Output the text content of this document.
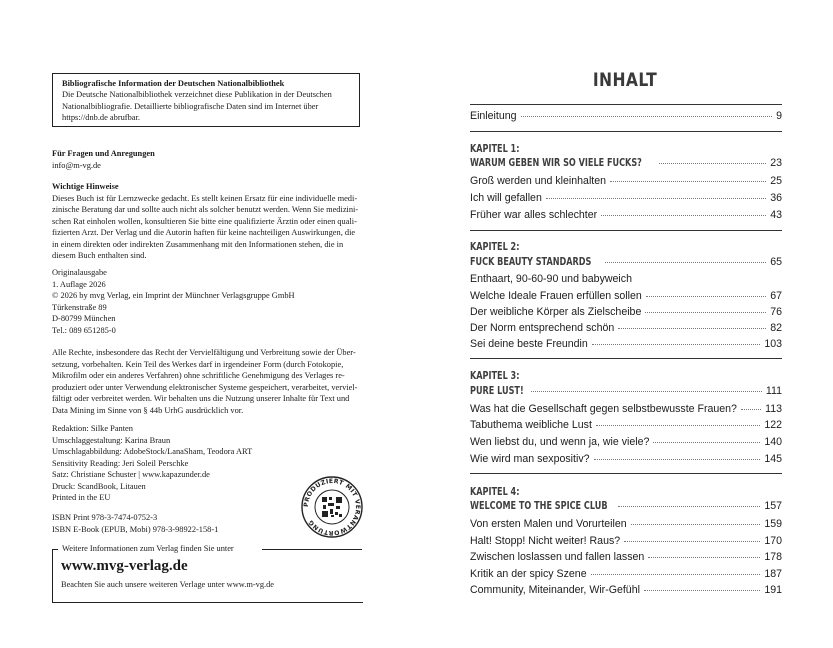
Bibliografische Information der Deutschen Nationalbibliothek
Die Deutsche Nationalbibliothek verzeichnet diese Publikation in der Deutschen
Nationalbibliografie. Detaillierte bibliografische Daten sind im Internet über
https://dnb.de abrufbar.
Für Fragen und Anregungen
info@m-vg.de
Wichtige Hinweise
Dieses Buch ist für Lernzwecke gedacht. Es stellt keinen Ersatz für eine individuelle medi-
zinische Beratung dar und sollte auch nicht als solcher benutzt werden. Wenn Sie medizini-
schen Rat einholen wollen, konsultieren Sie bitte eine qualifizierte Ärztin oder einen quali-
fizierten Arzt. Der Verlag und die Autorin haften für keine nachteiligen Auswirkungen, die
in einem direkten oder indirekten Zusammenhang mit den Informationen stehen, die in
diesem Buch enthalten sind.
Originalausgabe
1. Auflage 2026
© 2026 by mvg Verlag, ein Imprint der Münchner Verlagsgruppe GmbH
Türkenstraße 89
D-80799 München
Tel.: 089 651285-0
Alle Rechte, insbesondere das Recht der Vervielfältigung und Verbreitung sowie der Über-
setzung, vorbehalten. Kein Teil des Werkes darf in irgendeiner Form (durch Fotokopie,
Mikrofilm oder ein anderes Verfahren) ohne schriftliche Genehmigung des Verlages re-
produziert oder unter Verwendung elektronischer Systeme gespeichert, verarbeitet, verviel-
fältigt oder verbreitet werden. Wir behalten uns die Nutzung unserer Inhalte für Text und
Data Mining im Sinne von § 44b UrhG ausdrücklich vor.
Redaktion: Silke Panten
Umschlaggestaltung: Karina Braun
Umschlagabbildung: AdobeStock/LanaSham, Teodora ART
Sensitivity Reading: Jeri Soleil Perschke
Satz: Christiane Schuster | www.kapazunder.de
Druck: ScandBook, Litauen
Printed in the EU
ISBN Print 978-3-7474-0752-3
ISBN E-Book (EPUB, Mobi) 978-3-98922-158-1
PRODUZIERT MIT VERANTWORTUNG
Weitere Informationen zum Verlag finden Sie unter
www.mvg-verlag.de
Beachten Sie auch unsere weiteren Verlage unter www.m-vg.de
INHALT
Einleitung	9
KAPITEL 1:
WARUM GEBEN WIR SO VIELE FUCKS?	23
Groß werden und kleinhalten	25
Ich will gefallen	36
Früher war alles schlechter	43
KAPITEL 2:
FUCK BEAUTY STANDARDS	65
Enthaart, 90-60-90 und babyweich
Welche Ideale Frauen erfüllen sollen	67
Der weibliche Körper als Zielscheibe	76
Der Norm entsprechend schön	82
Sei deine beste Freundin	103
KAPITEL 3:
PURE LUST!	111
Was hat die Gesellschaft gegen selbstbewusste Frauen?	113
Tabuthema weibliche Lust	122
Wen liebst du, und wenn ja, wie viele?	140
Wie wird man sexpositiv?	145
KAPITEL 4:
WELCOME TO THE SPICE CLUB	157
Von ersten Malen und Vorurteilen	159
Halt! Stopp! Nicht weiter! Raus?	170
Zwischen loslassen und fallen lassen	178
Kritik an der spicy Szene	187
Community, Miteinander, Wir-Gefühl	191
